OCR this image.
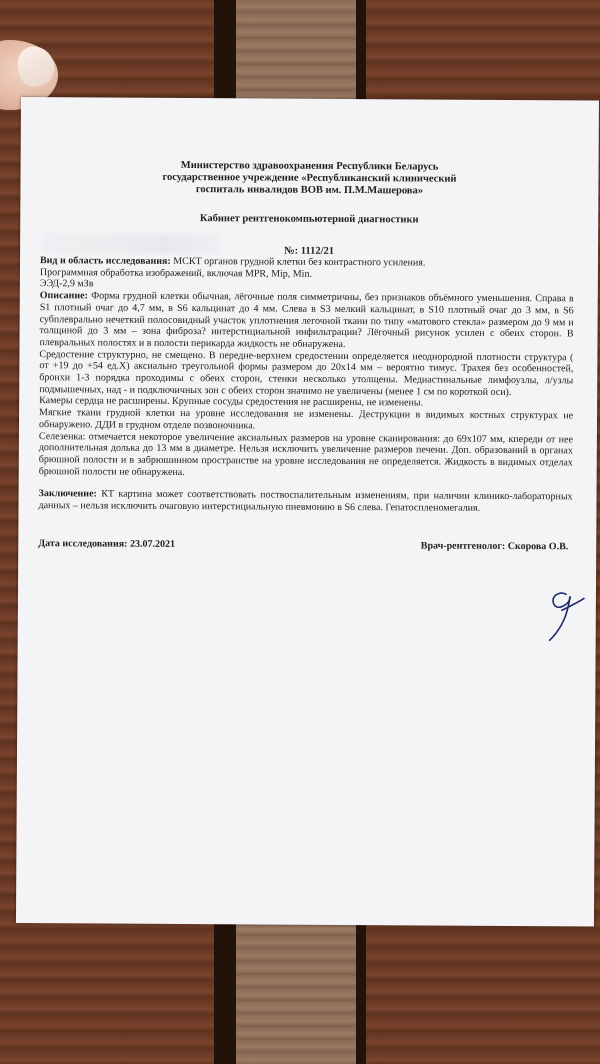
Министерство здравоохранения Республики Беларусь
государственное учреждение «Республиканский клинический
госпиталь инвалидов ВОВ им. П.М.Машерова»
Кабинет рентгенокомпьютерной диагностики
№: 1112/21

Вид и область исследования: МСКТ органов грудной клетки без контрастного усиления.

Программная обработка изображений, включая MPR, Mip, Min.

ЭЭД-2,9 мЗв

Описание: Форма грудной клетки обычная, лёгочные поля симметричны, без признаков объёмного уменьшения. Справа в S1 плотный очаг до 4,7 мм, в S6 кальцинат до 4 мм. Слева в S3 мелкий кальцинат, в S10 плотный очаг до 3 мм, в S6 субплеврально нечеткий полосовидный участок уплотнения легочной ткани по типу «матового стекла» размером до 9 мм и толщиной до 3 мм – зона фиброза? интерстициальной инфильтрации? Лёгочный рисунок усилен с обеих сторон. В плевральных полостях и в полости перикарда жидкость не обнаружена.

Средостение структурно, не смещено. В передне-верхнем средостении определяется неоднородной плотности структура ( от +19 до +54 ед.Х) аксиально треугольной формы размером до 20х14 мм – вероятно тимус. Трахея без особенностей, бронхи 1-3 порядка проходимы с обеих сторон, стенки несколько утолщены. Медиастинальные лимфоузлы, л/узлы подмышечных, над - и подключичных зон с обеих сторон значимо не увеличены (менее 1 см по короткой оси).

Камеры сердца не расширены. Крупные сосуды средостения не расширены, не изменены.

Мягкие ткани грудной клетки на уровне исследования не изменены. Деструкции в видимых костных структурах не обнаружено. ДДИ в грудном отделе позвоночника.

Селезенка: отмечается некоторое увеличение аксиальных размеров на уровне сканирования: до 69х107 мм, кпереди от нее дополнительная долька до 13 мм в диаметре. Нельзя исключить увеличение размеров печени. Доп. образований в органах брюшной полости и в забрюшинном пространстве на уровне исследования не определяется. Жидкость в видимых отделах брюшной полости не обнаружена.

Заключение: КТ картина может соответствовать поствоспалительным изменениям, при наличии клинико-лабораторных данных – нельзя исключить очаговую интерстициальную пневмонию в S6 слева. Гепатоспленомегалия.

Дата исследования: 23.07.2021	Врач-рентгенолог: Скорова О.В.
